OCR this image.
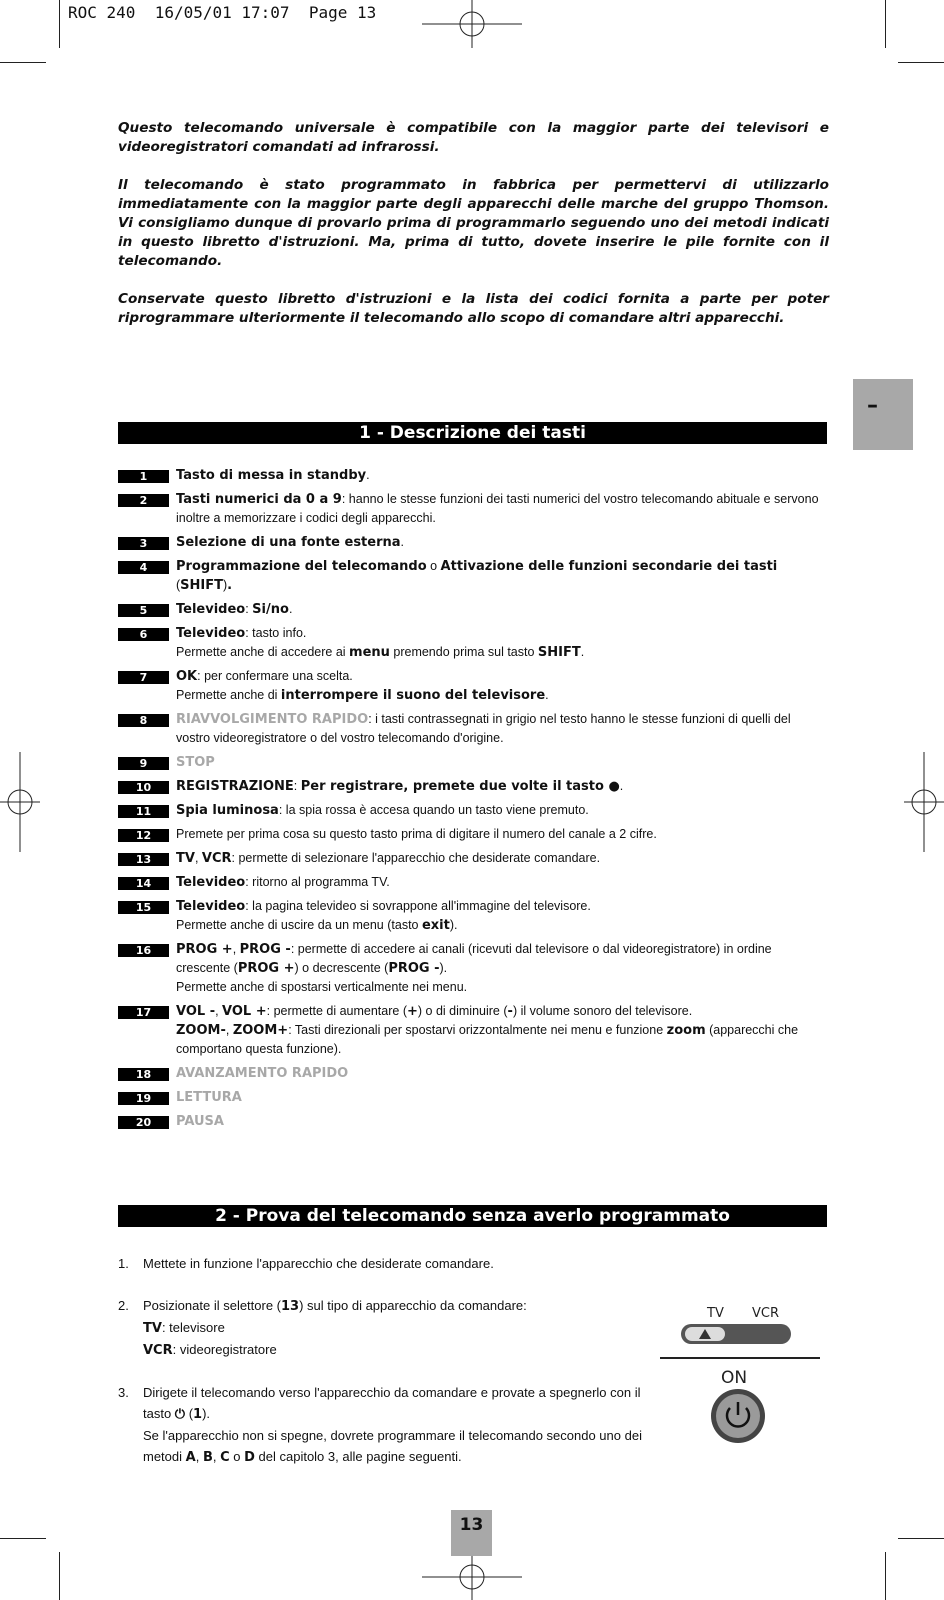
ROC 240  16/05/01 17:07  Page 13

Questo telecomando universale è compatibile con la maggior parte dei televisori e videoregistratori comandati ad infrarossi.

Il telecomando è stato programmato in fabbrica per permettervi di utilizzarlo immediatamente con la maggior parte degli apparecchi delle marche del gruppo Thomson. Vi consigliamo dunque di provarlo prima di programmarlo seguendo uno dei metodi indicati in questo libretto d'istruzioni. Ma, prima di tutto, dovete inserire le pile fornite con il telecomando.

Conservate questo libretto d'istruzioni e la lista dei codici fornita a parte per poter riprogrammare ulteriormente il telecomando allo scopo di comandare altri apparecchi.

–
1 - Descrizione dei tasti
1	Tasto di messa in standby.
2	Tasti numerici da 0 a 9: hanno le stesse funzioni dei tasti numerici del vostro telecomando abituale e servono inoltre a memorizzare i codici degli apparecchi.
3	Selezione di una fonte esterna.
4	Programmazione del telecomando o Attivazione delle funzioni secondarie dei tasti (SHIFT).
5	Televideo: Si/no.
6	Televideo: tasto info.
Permette anche di accedere ai menu premendo prima sul tasto SHIFT.
7	OK: per confermare una scelta.
Permette anche di interrompere il suono del televisore.
8	RIAVVOLGIMENTO RAPIDO: i tasti contrassegnati in grigio nel testo hanno le stesse funzioni di quelli del vostro videoregistratore o del vostro telecomando d'origine.
9	STOP
10	REGISTRAZIONE: Per registrare, premete due volte il tasto ●.
11	Spia luminosa: la spia rossa è accesa quando un tasto viene premuto.
12	Premete per prima cosa su questo tasto prima di digitare il numero del canale a 2 cifre.
13	TV, VCR: permette di selezionare l'apparecchio che desiderate comandare.
14	Televideo: ritorno al programma TV.
15	Televideo: la pagina televideo si sovrappone all'immagine del televisore.
Permette anche di uscire da un menu (tasto exit).
16	PROG +, PROG -: permette di accedere ai canali (ricevuti dal televisore o dal videoregistratore) in ordine crescente (PROG +) o decrescente (PROG -).
Permette anche di spostarsi verticalmente nei menu.
17	VOL -, VOL +: permette di aumentare (+) o di diminuire (-) il volume sonoro del televisore.
ZOOM-, ZOOM+: Tasti direzionali per spostarvi orizzontalmente nei menu e funzione zoom (apparecchi che comportano questa funzione).
18	AVANZAMENTO RAPIDO
19	LETTURA
20	PAUSA
2 - Prova del telecomando senza averlo programmato
1. Mettete in funzione l'apparecchio che desiderate comandare.
2. Posizionate il selettore (13) sul tipo di apparecchio da comandare:
TV: televisore
VCR: videoregistratore
3. Dirigete il telecomando verso l'apparecchio da comandare e provate a spegnerlo con il tasto ⏻ (1).
Se l'apparecchio non si spegne, dovrete programmare il telecomando secondo uno dei metodi A, B, C o D del capitolo 3, alle pagine seguenti.
TV VCR
ON
13
